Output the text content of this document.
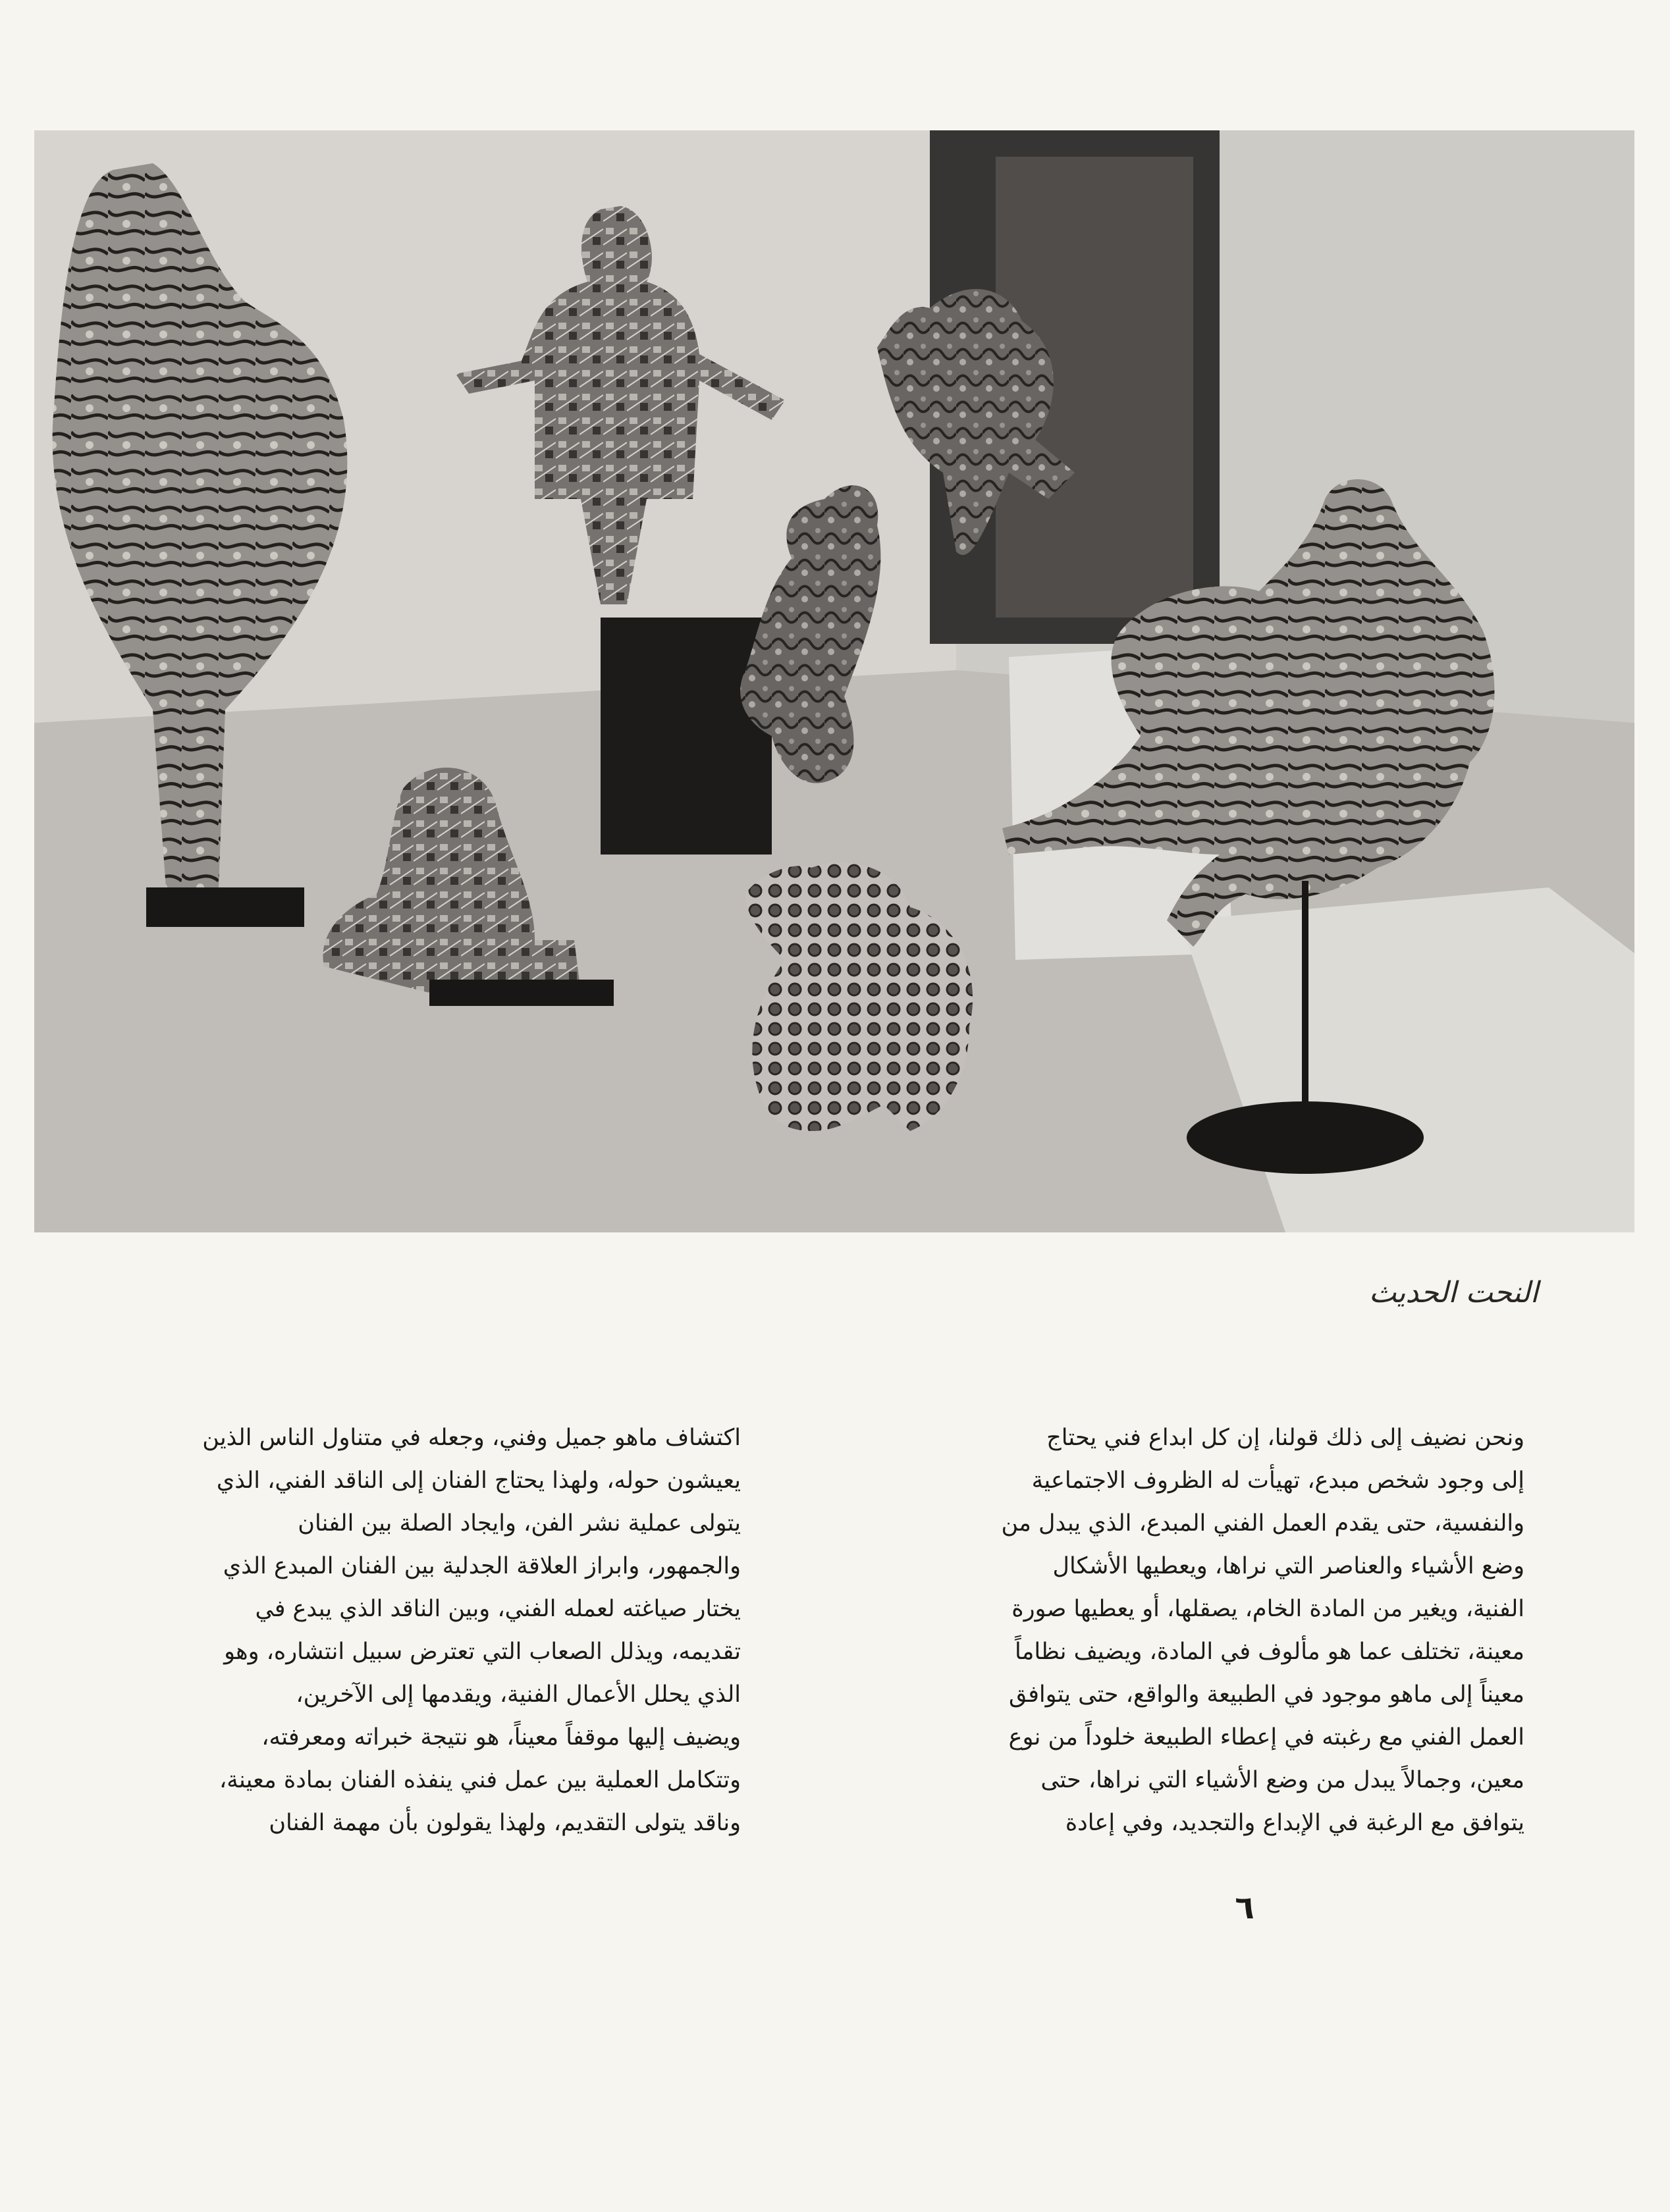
النحت الحديث
ونحن نضيف إلى ذلك قولنا، إن كل ابداع فني يحتاج
إلى وجود شخص مبدع، تهيأت له الظروف الاجتماعية
والنفسية، حتى يقدم العمل الفني المبدع، الذي يبدل من
وضع الأشياء والعناصر التي نراها، ويعطيها الأشكال
الفنية، ويغير من المادة الخام، يصقلها، أو يعطيها صورة
معينة، تختلف عما هو مألوف في المادة، ويضيف نظاماً
معيناً إلى ماهو موجود في الطبيعة والواقع، حتى يتوافق
العمل الفني مع رغبته في إعطاء الطبيعة خلوداً من نوع
معين، وجمالاً يبدل من وضع الأشياء التي نراها، حتى
يتوافق مع الرغبة في الإبداع والتجديد، وفي إعادة
اكتشاف ماهو جميل وفني، وجعله في متناول الناس الذين
يعيشون حوله، ولهذا يحتاج الفنان إلى الناقد الفني، الذي
يتولى عملية نشر الفن، وايجاد الصلة بين الفنان
والجمهور، وابراز العلاقة الجدلية بين الفنان المبدع الذي
يختار صياغته لعمله الفني، وبين الناقد الذي يبدع في
تقديمه، ويذلل الصعاب التي تعترض سبيل انتشاره، وهو
الذي يحلل الأعمال الفنية، ويقدمها إلى الآخرين،
ويضيف إليها موقفاً معيناً، هو نتيجة خبراته ومعرفته،
وتتكامل العملية بين عمل فني ينفذه الفنان بمادة معينة،
وناقد يتولى التقديم، ولهذا يقولون بأن مهمة الفنان
٦
